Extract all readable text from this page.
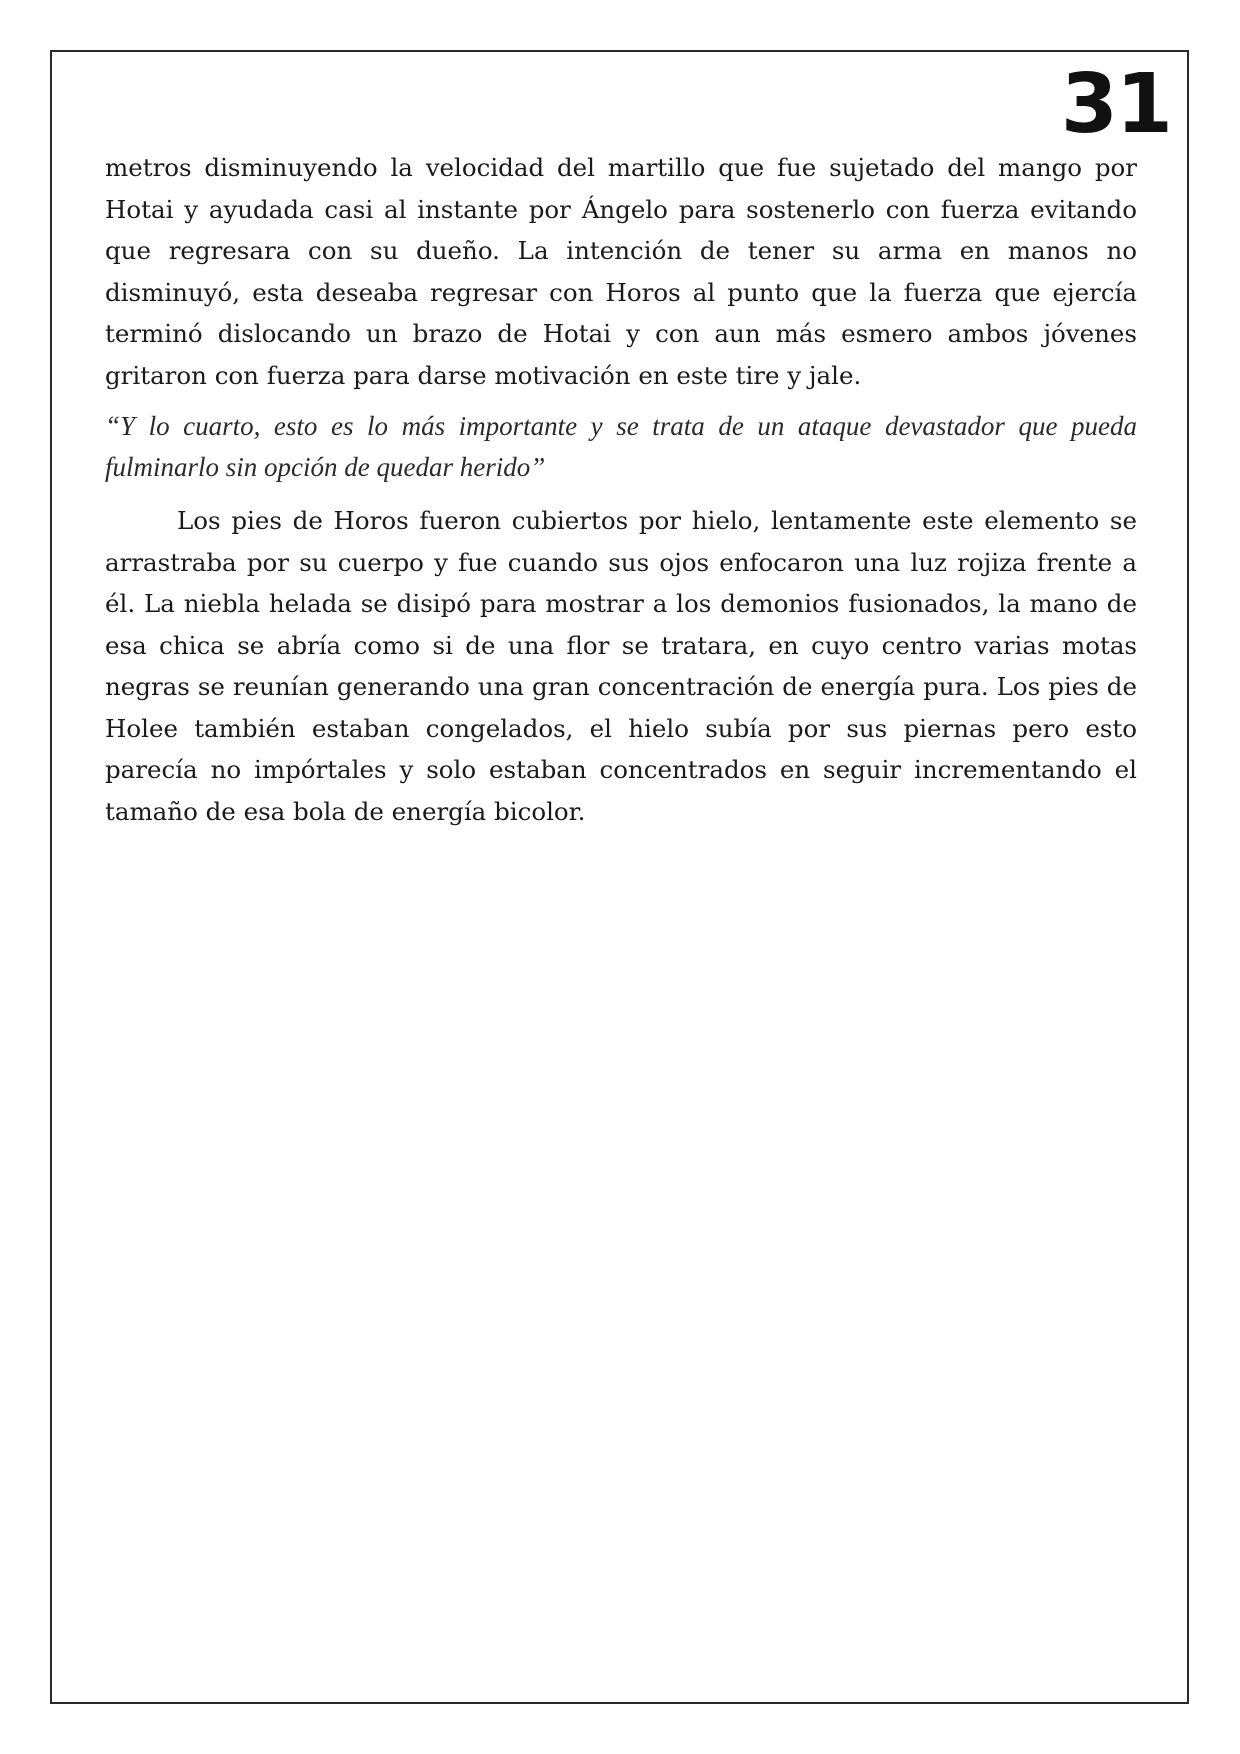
31

metros disminuyendo la velocidad del martillo que fue sujetado del mango por Hotai y ayudada casi al instante por Ángelo para sostenerlo con fuerza evitando que regresara con su dueño. La intención de tener su arma en manos no disminuyó, esta deseaba regresar con Horos al punto que la fuerza que ejercía terminó dislocando un brazo de Hotai y con aun más esmero ambos jóvenes gritaron con fuerza para darse motivación en este tire y jale.

“Y lo cuarto, esto es lo más importante y se trata de un ataque devastador que pueda fulminarlo sin opción de quedar herido”

Los pies de Horos fueron cubiertos por hielo, lentamente este elemento se arrastraba por su cuerpo y fue cuando sus ojos enfocaron una luz rojiza frente a él. La niebla helada se disipó para mostrar a los demonios fusionados, la mano de esa chica se abría como si de una flor se tratara, en cuyo centro varias motas negras se reunían generando una gran concentración de energía pura. Los pies de Holee también estaban congelados, el hielo subía por sus piernas pero esto parecía no impórtales y solo estaban concentrados en seguir incrementando el tamaño de esa bola de energía bicolor.
